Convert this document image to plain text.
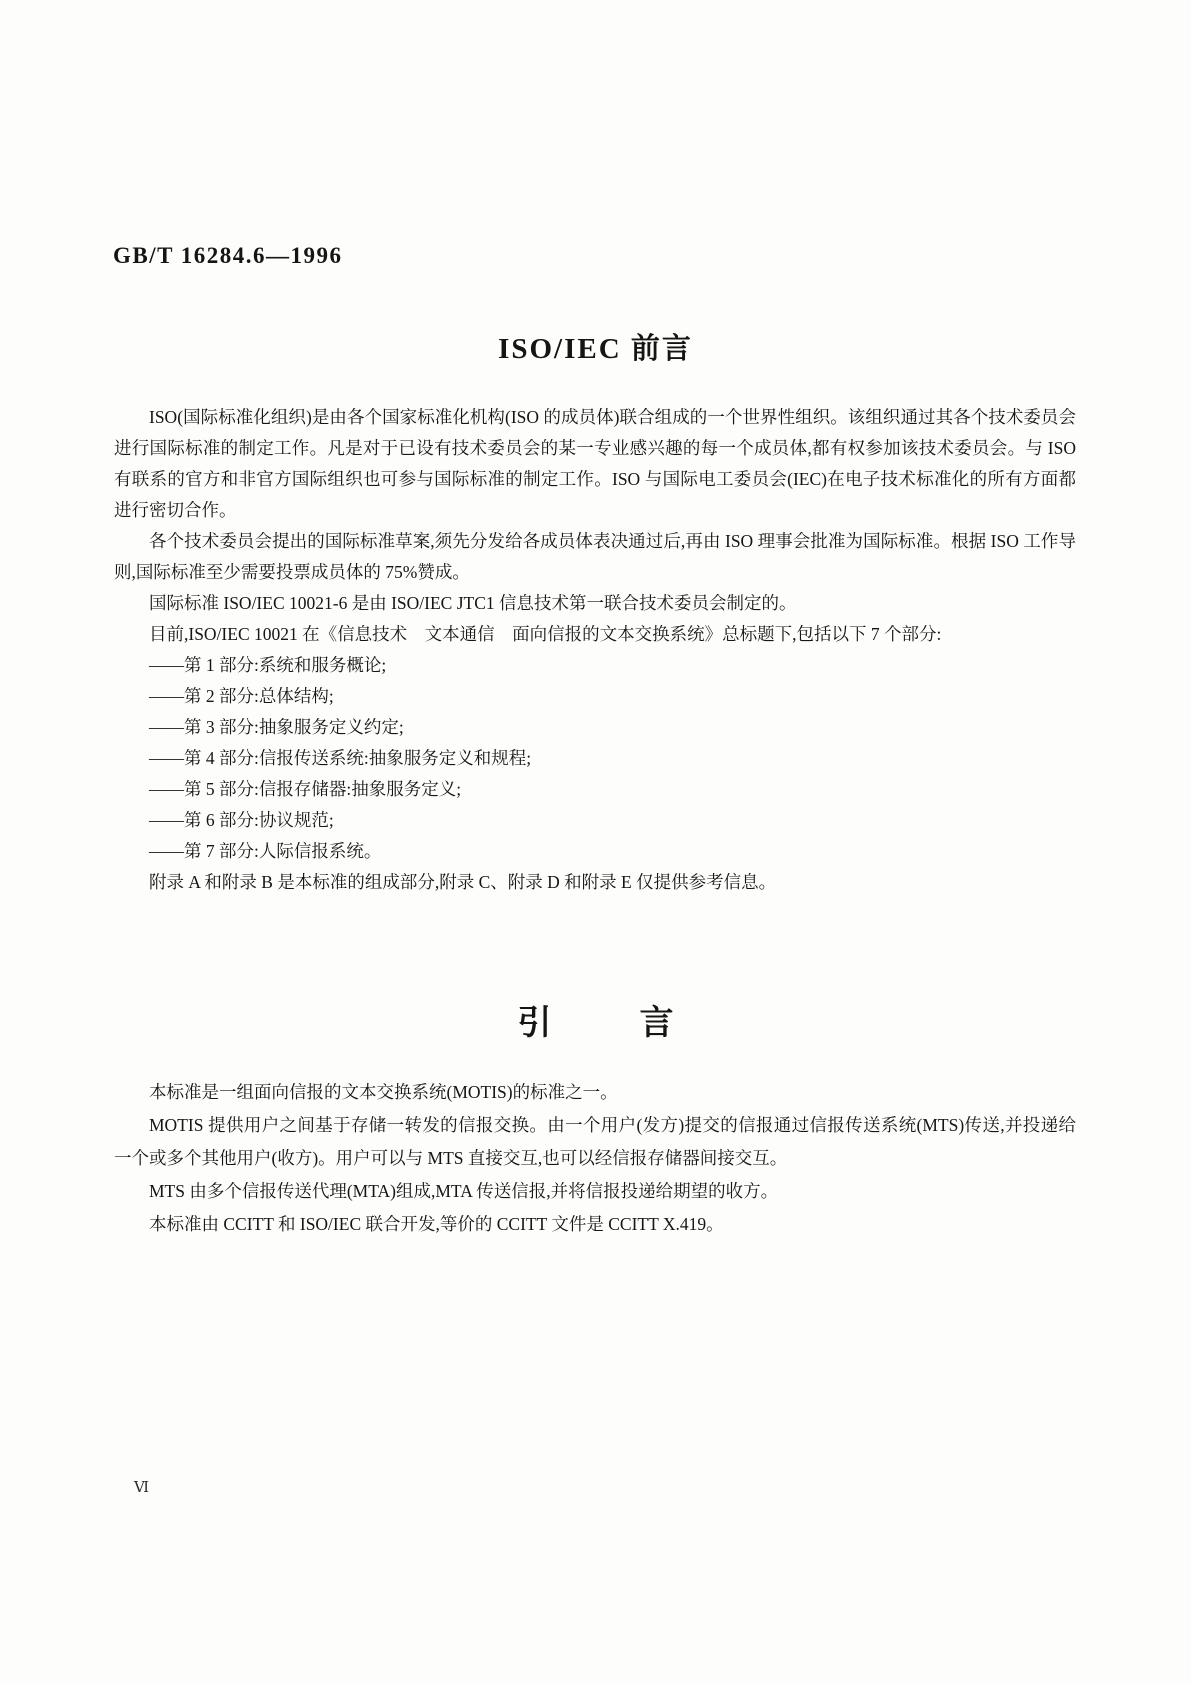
GB/T 16284.6—1996
ISO/IEC 前言

ISO(国际标准化组织)是由各个国家标准化机构(ISO 的成员体)联合组成的一个世界性组织。该组织通过其各个技术委员会进行国际标准的制定工作。凡是对于已设有技术委员会的某一专业感兴趣的每一个成员体,都有权参加该技术委员会。与 ISO 有联系的官方和非官方国际组织也可参与国际标准的制定工作。ISO 与国际电工委员会(IEC)在电子技术标准化的所有方面都进行密切合作。

各个技术委员会提出的国际标准草案,须先分发给各成员体表决通过后,再由 ISO 理事会批准为国际标准。根据 ISO 工作导则,国际标准至少需要投票成员体的 75%赞成。

国际标准 ISO/IEC 10021-6 是由 ISO/IEC JTC1 信息技术第一联合技术委员会制定的。

目前,ISO/IEC 10021 在《信息技术　文本通信　面向信报的文本交换系统》总标题下,包括以下 7 个部分:

——第 1 部分:系统和服务概论;

——第 2 部分:总体结构;

——第 3 部分:抽象服务定义约定;

——第 4 部分:信报传送系统:抽象服务定义和规程;

——第 5 部分:信报存储器:抽象服务定义;

——第 6 部分:协议规范;

——第 7 部分:人际信报系统。

附录 A 和附录 B 是本标准的组成部分,附录 C、附录 D 和附录 E 仅提供参考信息。

引	言

本标准是一组面向信报的文本交换系统(MOTIS)的标准之一。

MOTIS 提供用户之间基于存储一转发的信报交换。由一个用户(发方)提交的信报通过信报传送系统(MTS)传送,并投递给一个或多个其他用户(收方)。用户可以与 MTS 直接交互,也可以经信报存储器间接交互。

MTS 由多个信报传送代理(MTA)组成,MTA 传送信报,并将信报投递给期望的收方。

本标准由 CCITT 和 ISO/IEC 联合开发,等价的 CCITT 文件是 CCITT X.419。

Ⅵ
